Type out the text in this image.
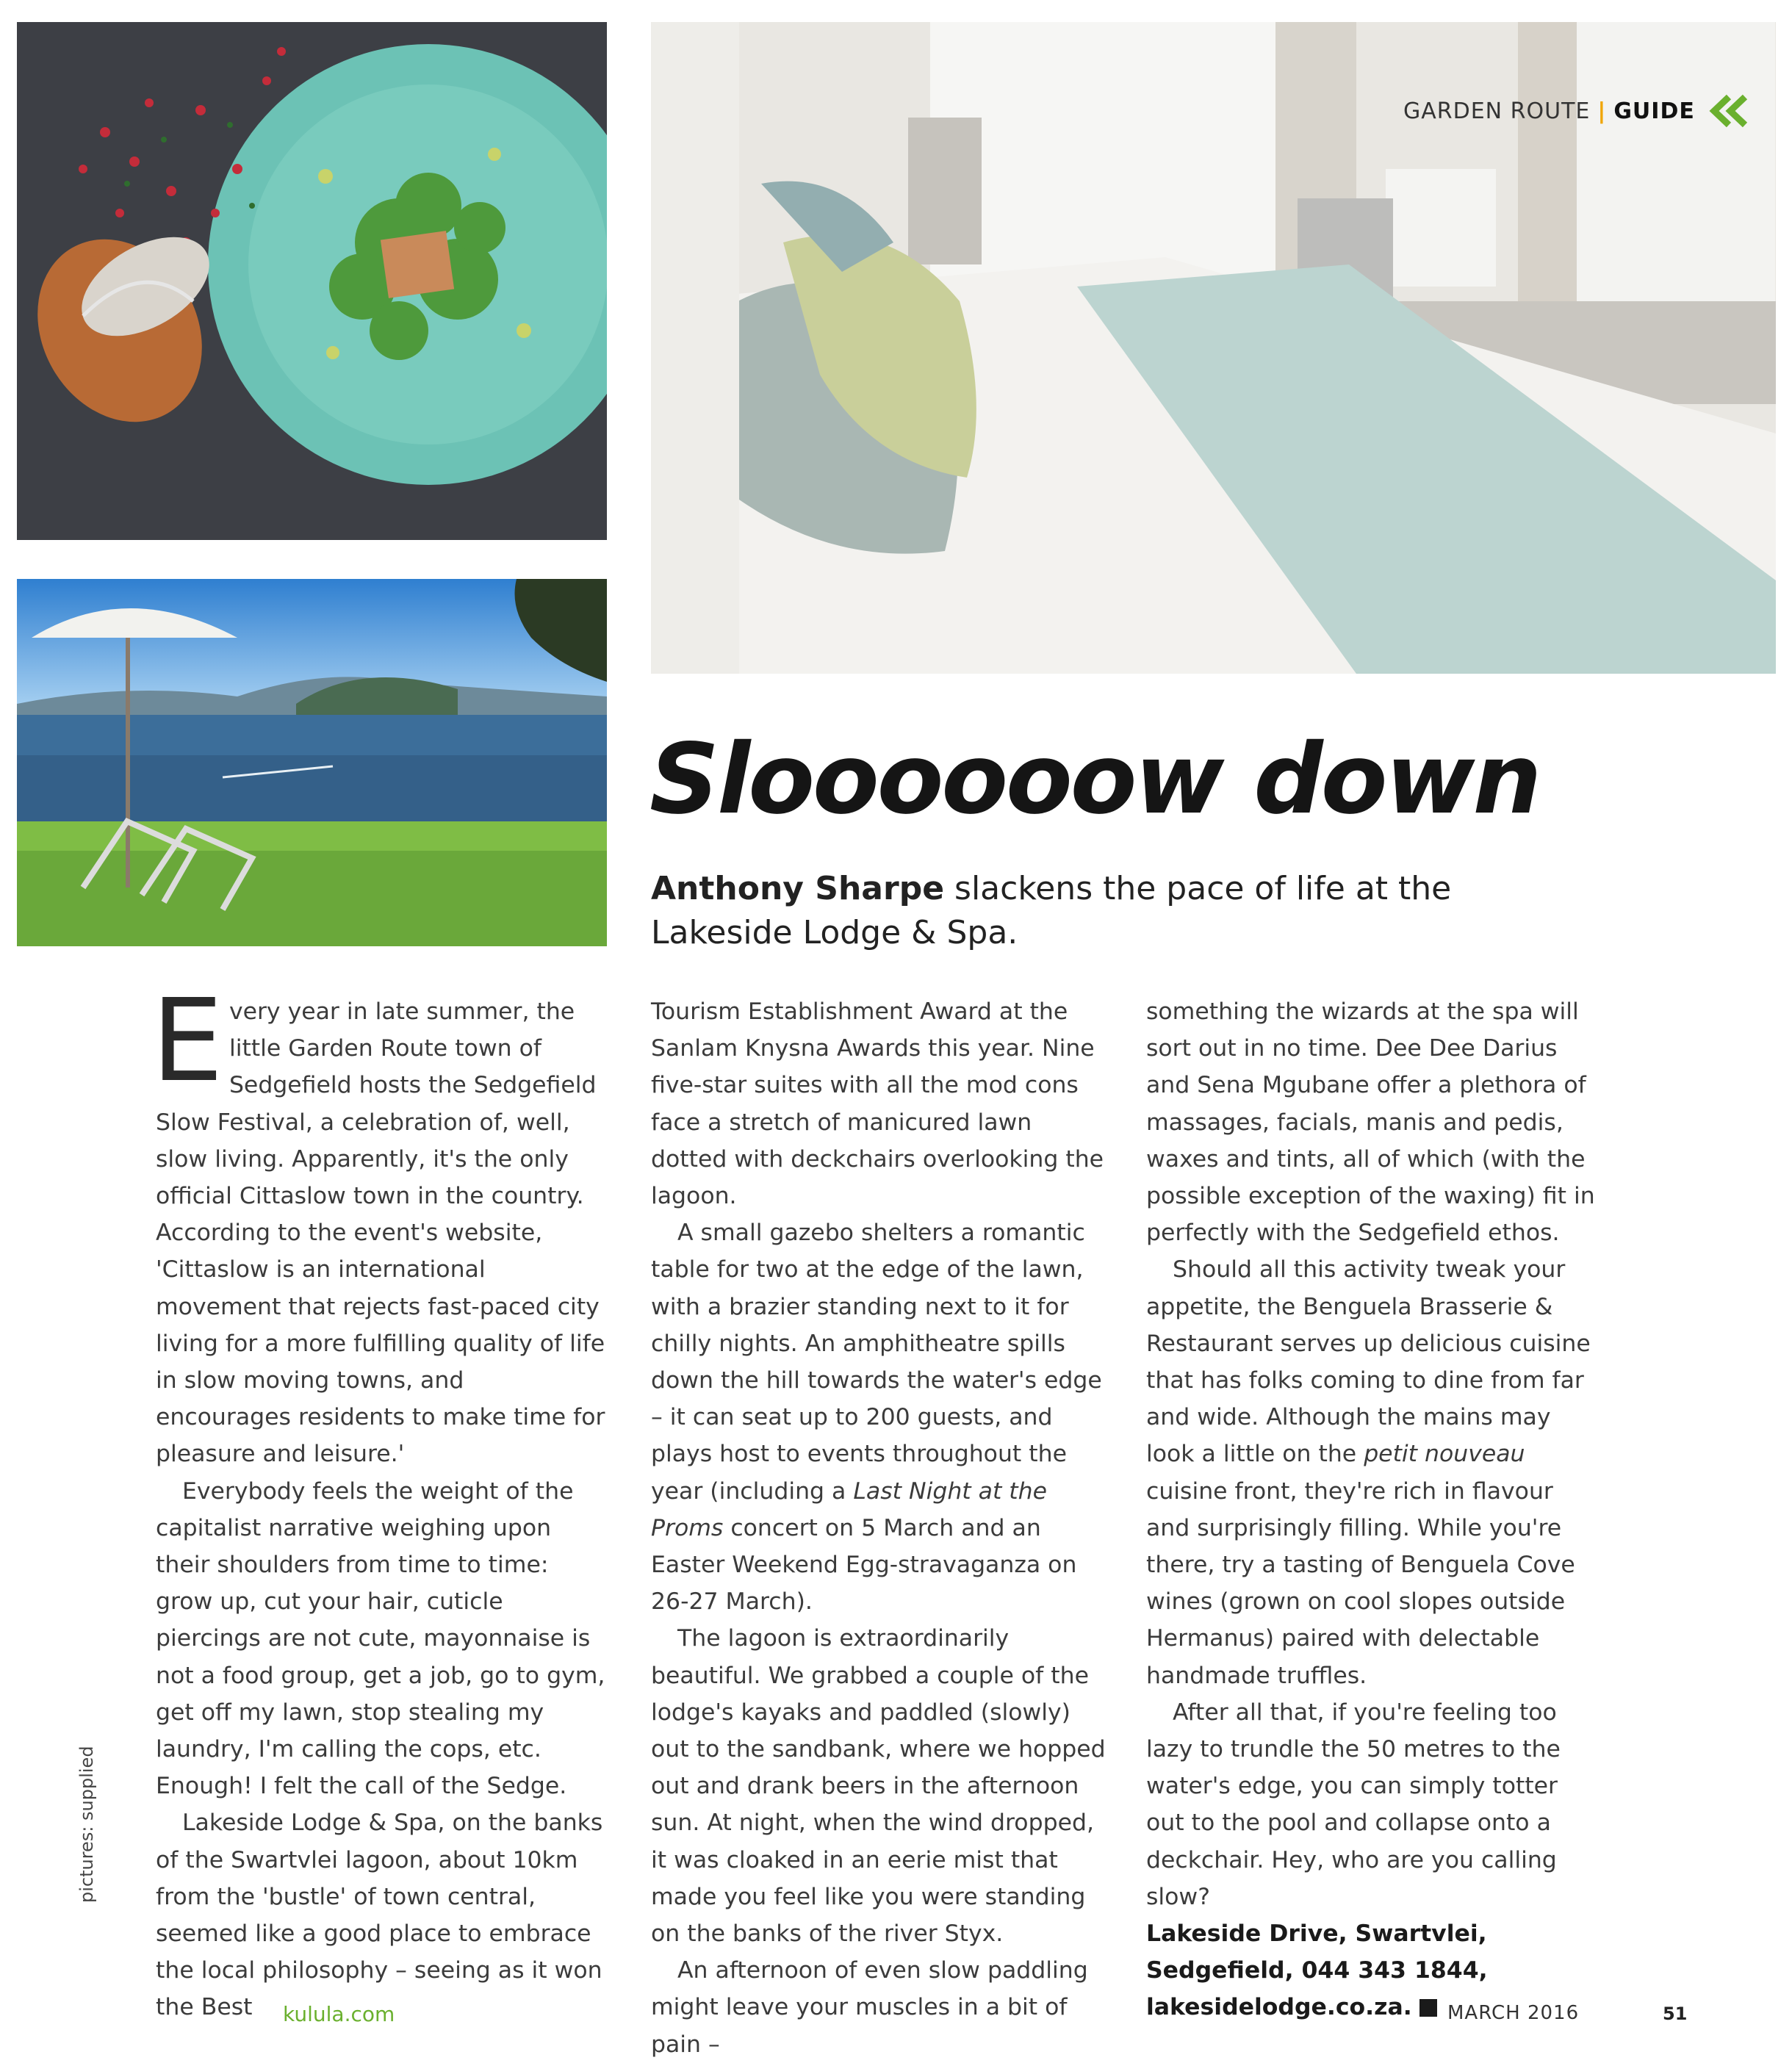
GARDEN ROUTE | GUIDE
Sloooooow down
Anthony Sharpe slackens the pace of life at the Lakeside Lodge & Spa.

Every year in late summer, the little Garden Route town of Sedgefield hosts the Sedgefield Slow Festival, a celebration of, well, slow living. Apparently, it's the only official Cittaslow town in the country. According to the event's website, 'Cittaslow is an international movement that rejects fast-paced city living for a more fulfilling quality of life in slow moving towns, and encourages residents to make time for pleasure and leisure.'

Everybody feels the weight of the capitalist narrative weighing upon their shoulders from time to time: grow up, cut your hair, cuticle piercings are not cute, mayonnaise is not a food group, get a job, go to gym, get off my lawn, stop stealing my laundry, I'm calling the cops, etc. Enough! I felt the call of the Sedge.

Lakeside Lodge & Spa, on the banks of the Swartvlei lagoon, about 10km from the 'bustle' of town central, seemed like a good place to embrace the local philosophy – seeing as it won the Best

Tourism Establishment Award at the Sanlam Knysna Awards this year. Nine five-star suites with all the mod cons face a stretch of manicured lawn dotted with deckchairs overlooking the lagoon.

A small gazebo shelters a romantic table for two at the edge of the lawn, with a brazier standing next to it for chilly nights. An amphitheatre spills down the hill towards the water's edge – it can seat up to 200 guests, and plays host to events throughout the year (including a Last Night at the Proms concert on 5 March and an Easter Weekend Egg-stravaganza on 26-27 March).

The lagoon is extraordinarily beautiful. We grabbed a couple of the lodge's kayaks and paddled (slowly) out to the sandbank, where we hopped out and drank beers in the afternoon sun. At night, when the wind dropped, it was cloaked in an eerie mist that made you feel like you were standing on the banks of the river Styx.

An afternoon of even slow paddling might leave your muscles in a bit of pain –

something the wizards at the spa will sort out in no time. Dee Dee Darius and Sena Mgubane offer a plethora of massages, facials, manis and pedis, waxes and tints, all of which (with the possible exception of the waxing) fit in perfectly with the Sedgefield ethos.

Should all this activity tweak your appetite, the Benguela Brasserie & Restaurant serves up delicious cuisine that has folks coming to dine from far and wide. Although the mains may look a little on the petit nouveau cuisine front, they're rich in flavour and surprisingly filling. While you're there, try a tasting of Benguela Cove wines (grown on cool slopes outside Hermanus) paired with delectable handmade truffles.

After all that, if you're feeling too lazy to trundle the 50 metres to the water's edge, you can simply totter out to the pool and collapse onto a deckchair. Hey, who are you calling slow?

Lakeside Drive, Swartvlei, Sedgefield, 044 343 1844, lakesidelodge.co.za.

pictures: supplied
kulula.com	MARCH 2016	51
